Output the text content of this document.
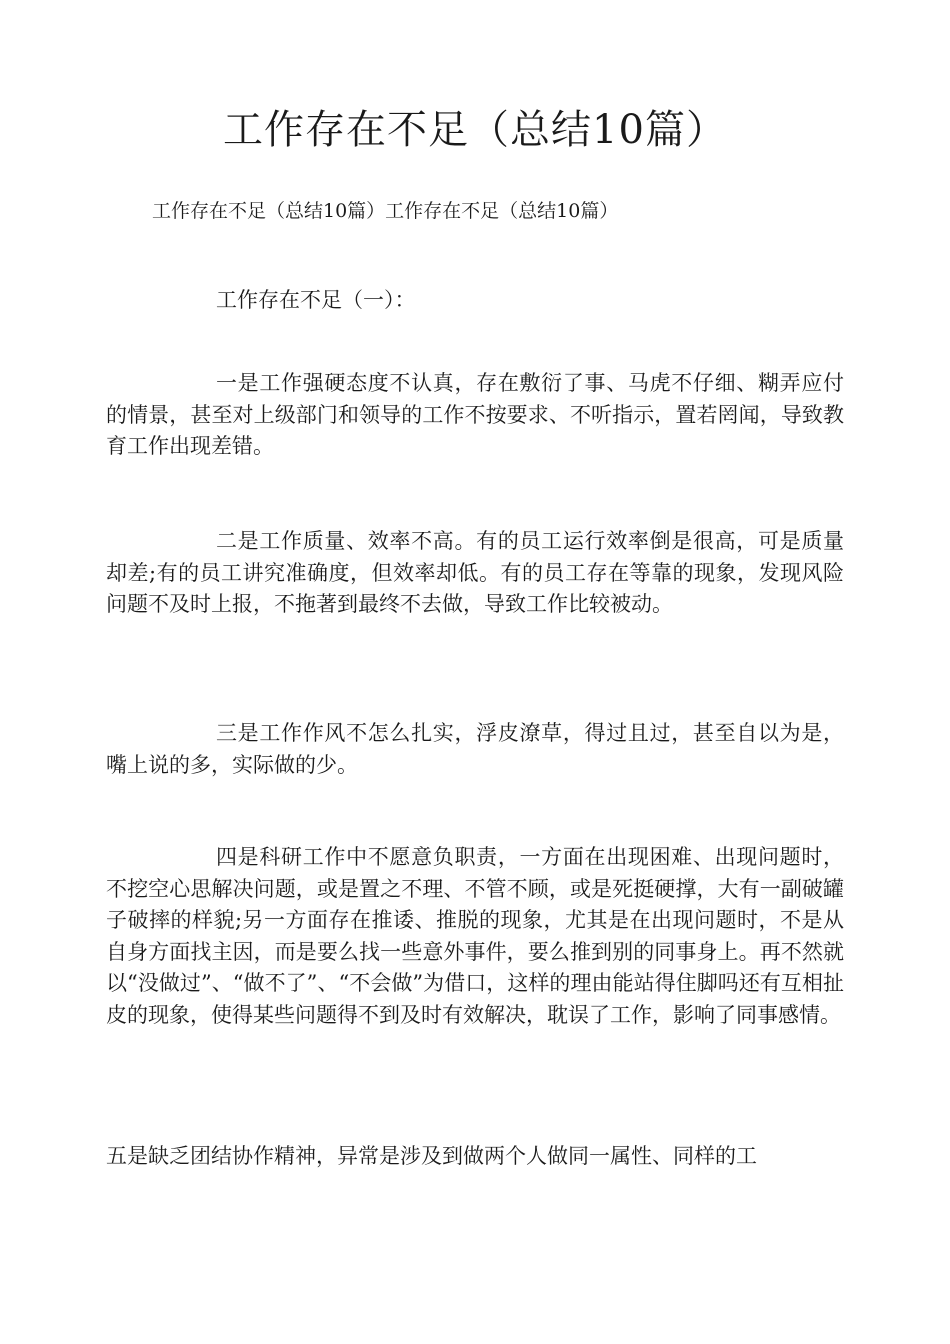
工作存在不足（总结10篇）
工作存在不足（总结10篇）工作存在不足（总结10篇）
工作存在不足（一）：

一是工作强硬态度不认真，存在敷衍了事、马虎不仔细、糊弄应付的情景，甚至对上级部门和领导的工作不按要求、不听指示，置若罔闻，导致教育工作出现差错。

二是工作质量、效率不高。有的员工运行效率倒是很高，可是质量却差;有的员工讲究准确度，但效率却低。有的员工存在等靠的现象，发现风险问题不及时上报，不拖著到最终不去做，导致工作比较被动。

三是工作作风不怎么扎实，浮皮潦草，得过且过，甚至自以为是，嘴上说的多，实际做的少。

四是科研工作中不愿意负职责，一方面在出现困难、出现问题时，不挖空心思解决问题，或是置之不理、不管不顾，或是死挺硬撑，大有一副破罐子破摔的样貌;另一方面存在推诿、推脱的现象，尤其是在出现问题时，不是从自身方面找主因，而是要么找一些意外事件，要么推到别的同事身上。再不然就以“没做过”、“做不了”、“不会做”为借口，这样的理由能站得住脚吗还有互相扯皮的现象，使得某些问题得不到及时有效解决，耽误了工作，影响了同事感情。

五是缺乏团结协作精神，异常是涉及到做两个人做同一属性、同样的工
